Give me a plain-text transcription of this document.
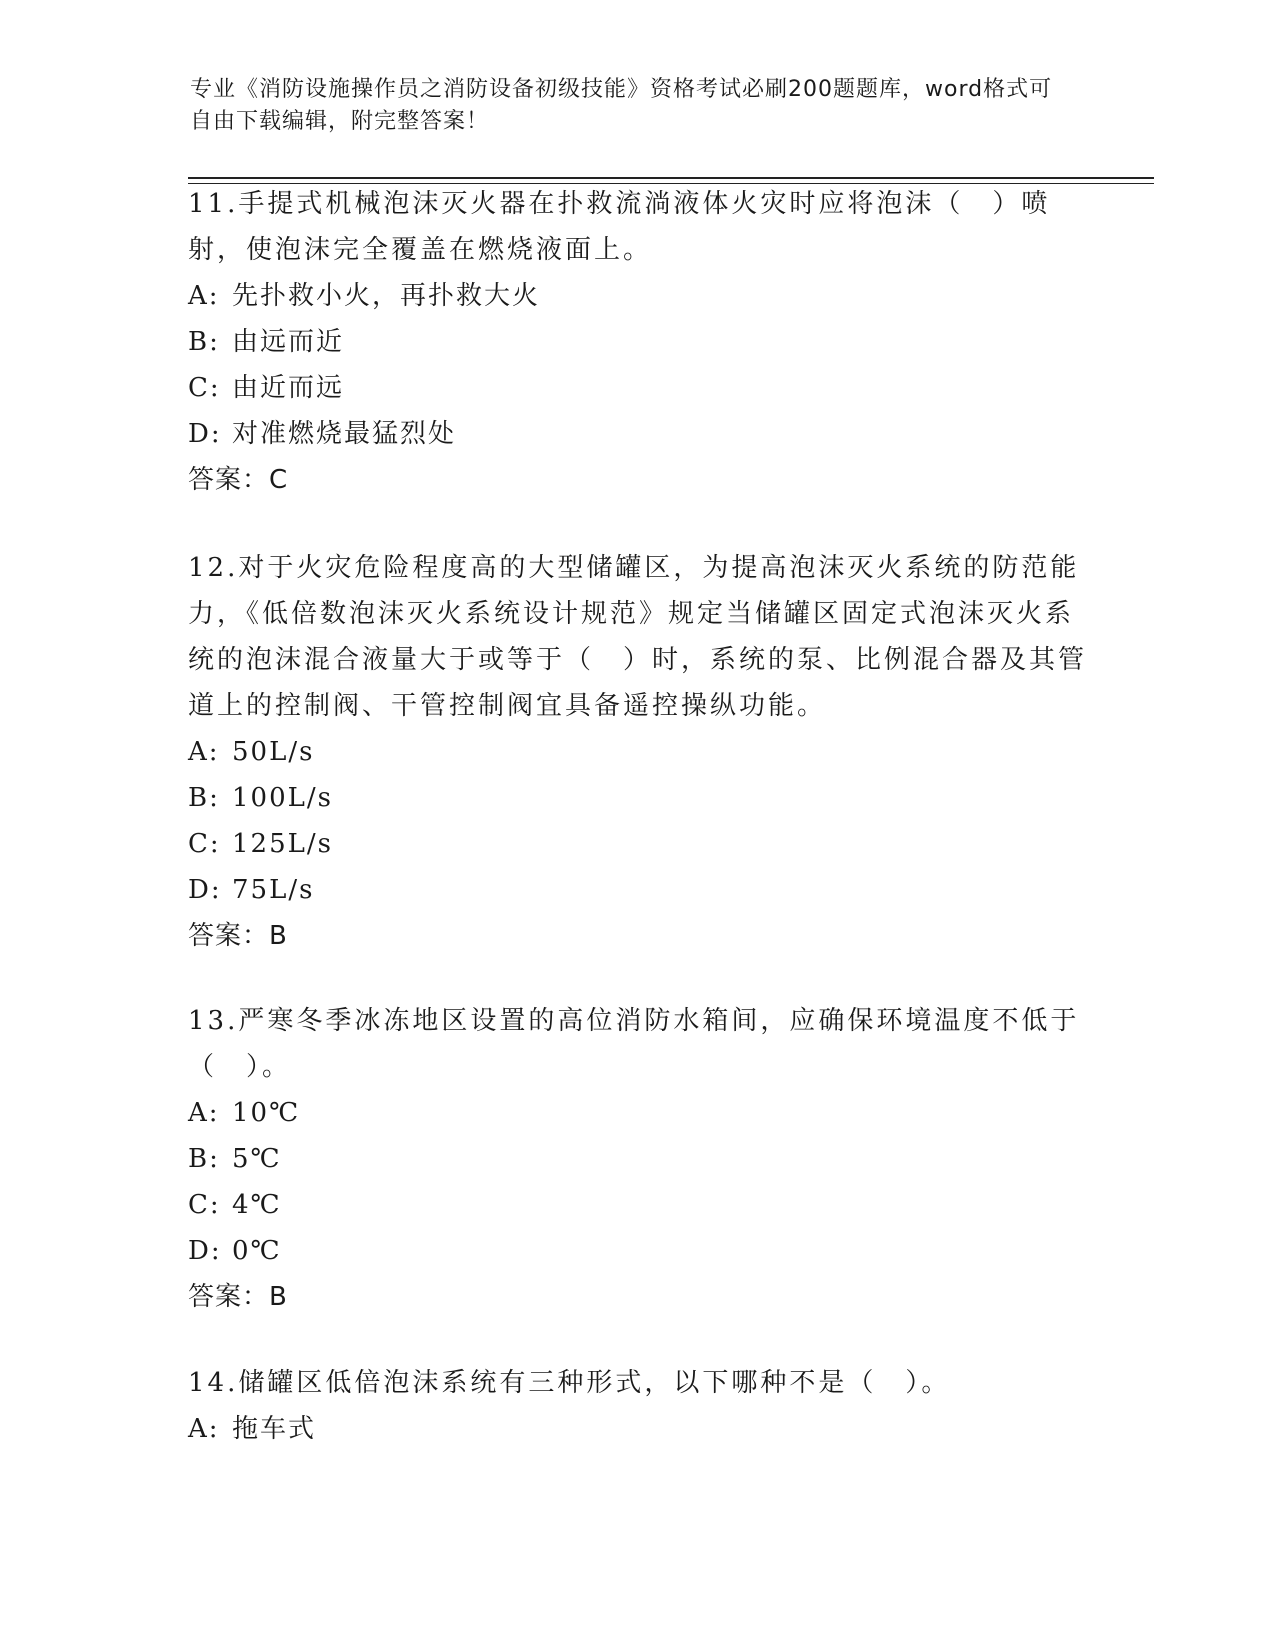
专业《消防设施操作员之消防设备初级技能》资格考试必刷200题题库，word格式可自由下载编辑，附完整答案！

11.手提式机械泡沫灭火器在扑救流淌液体火灾时应将泡沫（　）喷射，使泡沫完全覆盖在燃烧液面上。

A: 先扑救小火，再扑救大火

B: 由远而近

C: 由近而远

D: 对准燃烧最猛烈处

答案：C

12.对于火灾危险程度高的大型储罐区，为提高泡沫灭火系统的防范能力，《低倍数泡沫灭火系统设计规范》规定当储罐区固定式泡沫灭火系统的泡沫混合液量大于或等于（　）时，系统的泵、比例混合器及其管道上的控制阀、干管控制阀宜具备遥控操纵功能。

A: 50L/s

B: 100L/s

C: 125L/s

D: 75L/s

答案：B

13.严寒冬季冰冻地区设置的高位消防水箱间，应确保环境温度不低于（　）。

A: 10℃

B: 5℃

C: 4℃

D: 0℃

答案：B

14.储罐区低倍泡沫系统有三种形式，以下哪种不是（　）。

A: 拖车式
